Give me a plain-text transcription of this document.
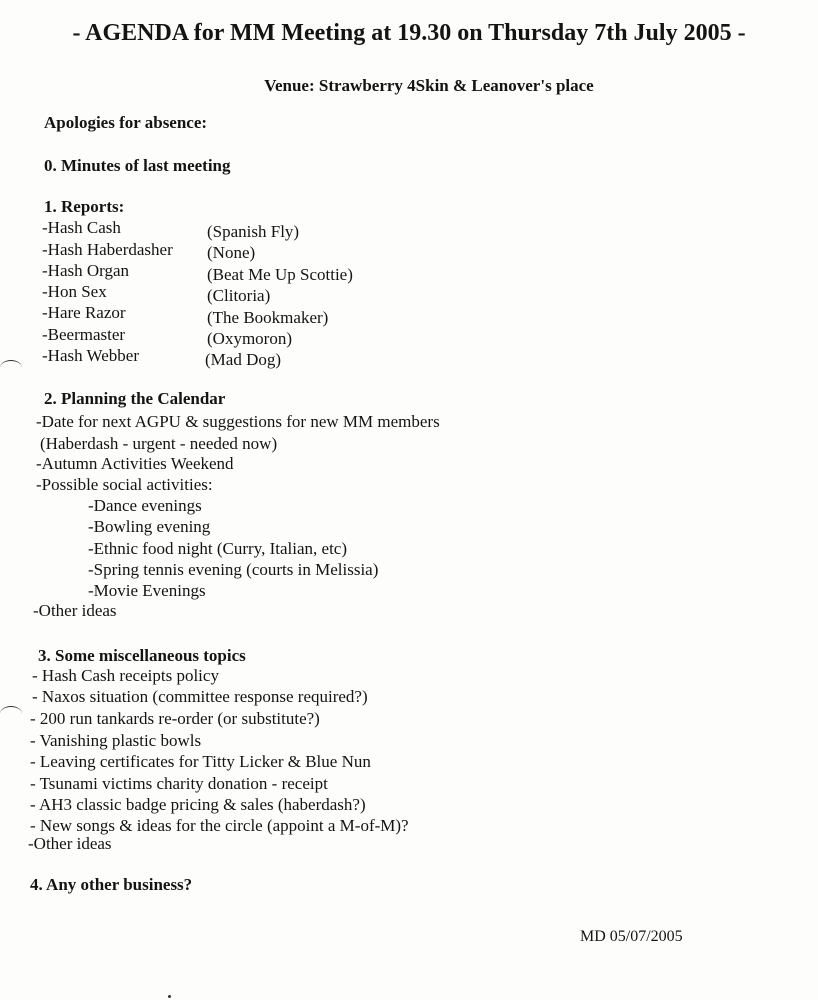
- AGENDA for MM Meeting at 19.30 on Thursday 7th July 2005 -
Venue: Strawberry 4Skin & Leanover's place
Apologies for absence:
0. Minutes of last meeting
1. Reports:
-Hash Cash	(Spanish Fly)
-Hash Haberdasher (None)
-Hash Organ	(Beat Me Up Scottie)
-Hon Sex	(Clitoria)
-Hare Razor	(The Bookmaker)
-Beermaster	(Oxymoron)
-Hash Webber	(Mad Dog)
2. Planning the Calendar
-Date for next AGPU & suggestions for new MM members
(Haberdash - urgent - needed now)
-Autumn Activities Weekend
-Possible social activities:
-Dance evenings
-Bowling evening
-Ethnic food night (Curry, Italian, etc)
-Spring tennis evening (courts in Melissia)
-Movie Evenings
-Other ideas
3. Some miscellaneous topics
- Hash Cash receipts policy
- Naxos situation (committee response required?)
- 200 run tankards re-order (or substitute?)
- Vanishing plastic bowls
- Leaving certificates for Titty Licker & Blue Nun
- Tsunami victims charity donation - receipt
- AH3 classic badge pricing & sales (haberdash?)
- New songs & ideas for the circle (appoint a M-of-M)?
-Other ideas
4. Any other business?
MD 05/07/2005
